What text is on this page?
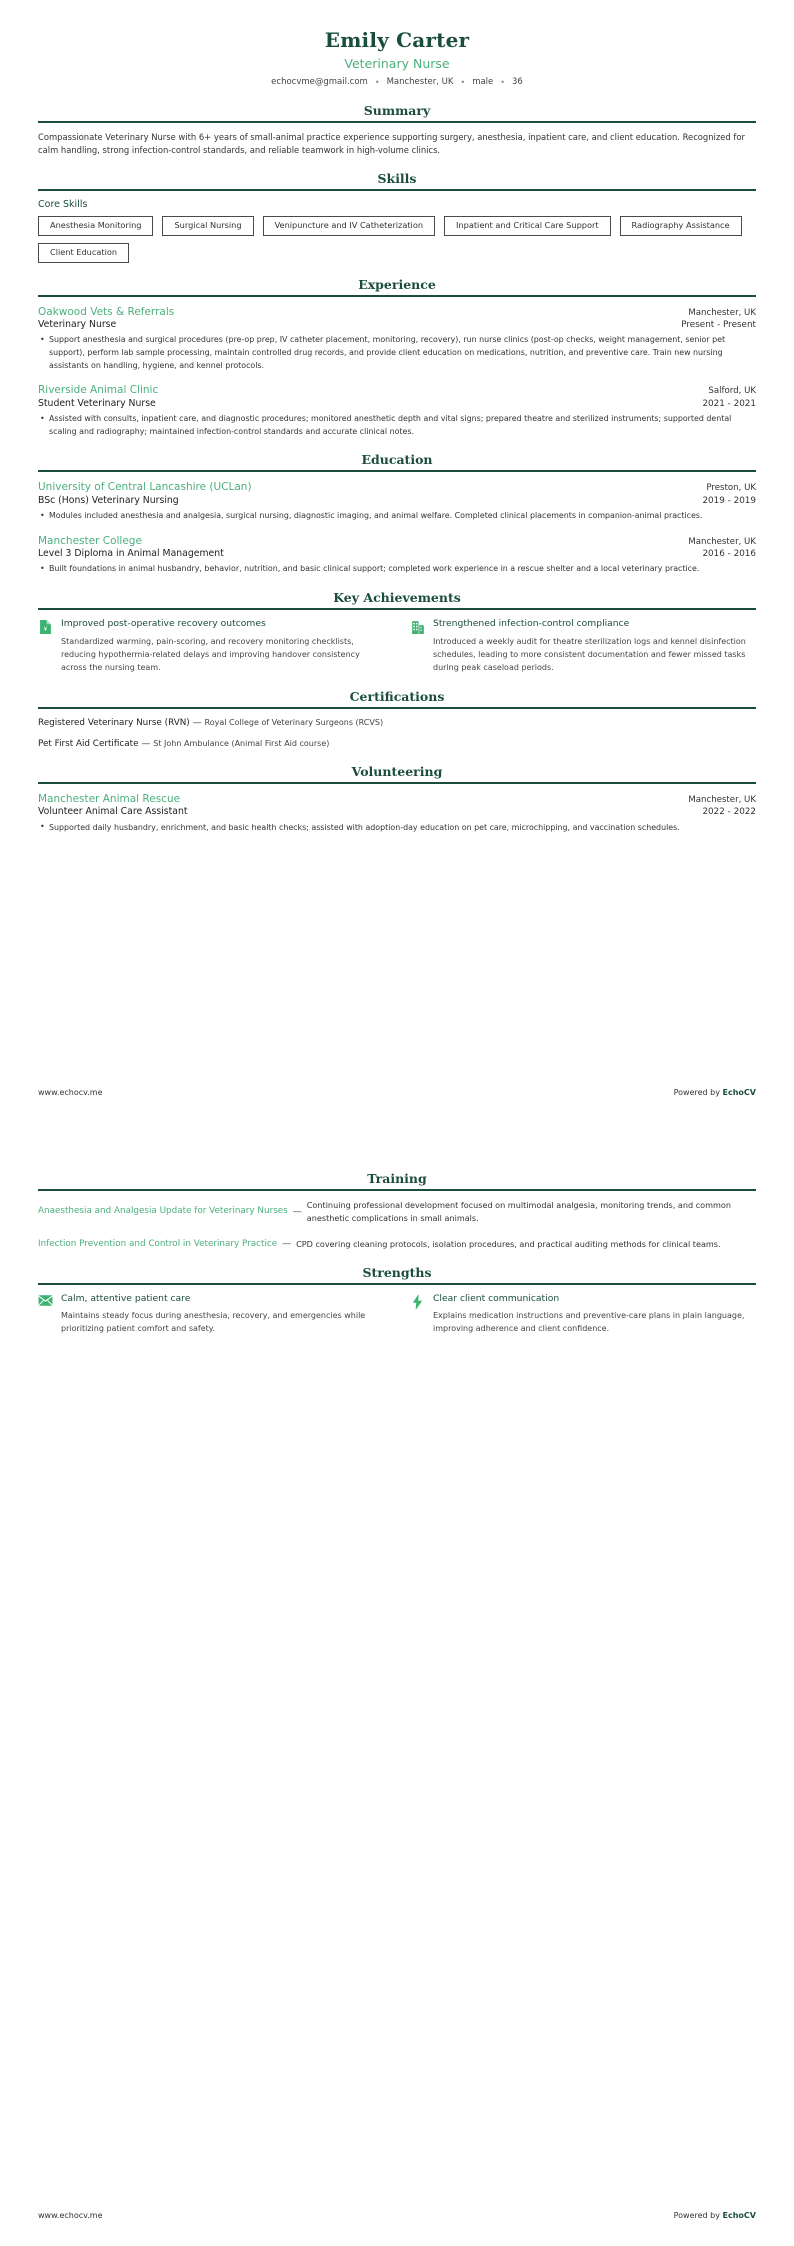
Emily Carter
Veterinary Nurse
echocvme@gmail.com • Manchester, UK • male • 36
Summary
Compassionate Veterinary Nurse with 6+ years of small-animal practice experience supporting surgery, anesthesia, inpatient care, and client education. Recognized for calm handling, strong infection-control standards, and reliable teamwork in high-volume clinics.
Skills
Core Skills
Anesthesia Monitoring	Surgical Nursing	Venipuncture and IV Catheterization	Inpatient and Critical Care Support	Radiography Assistance
Client Education
Experience
Oakwood Vets & Referrals	Manchester, UK
Veterinary Nurse	Present - Present
• Support anesthesia and surgical procedures (pre-op prep, IV catheter placement, monitoring, recovery), run nurse clinics (post-op checks, weight management, senior pet support), perform lab sample processing, maintain controlled drug records, and provide client education on medications, nutrition, and preventive care. Train new nursing assistants on handling, hygiene, and kennel protocols.
Riverside Animal Clinic	Salford, UK
Student Veterinary Nurse	2021 - 2021
• Assisted with consults, inpatient care, and diagnostic procedures; monitored anesthetic depth and vital signs; prepared theatre and sterilized instruments; supported dental scaling and radiography; maintained infection-control standards and accurate clinical notes.
Education
University of Central Lancashire (UCLan)	Preston, UK
BSc (Hons) Veterinary Nursing	2019 - 2019
• Modules included anesthesia and analgesia, surgical nursing, diagnostic imaging, and animal welfare. Completed clinical placements in companion-animal practices.
Manchester College	Manchester, UK
Level 3 Diploma in Animal Management	2016 - 2016
• Built foundations in animal husbandry, behavior, nutrition, and basic clinical support; completed work experience in a rescue shelter and a local veterinary practice.
Key Achievements
¥
Improved post-operative recovery outcomes
Standardized warming, pain-scoring, and recovery monitoring checklists, reducing hypothermia-related delays and improving handover consistency across the nursing team.
Strengthened infection-control compliance
Introduced a weekly audit for theatre sterilization logs and kennel disinfection schedules, leading to more consistent documentation and fewer missed tasks during peak caseload periods.
Certifications
Registered Veterinary Nurse (RVN) — Royal College of Veterinary Surgeons (RCVS)
Pet First Aid Certificate — St John Ambulance (Animal First Aid course)
Volunteering
Manchester Animal Rescue	Manchester, UK
Volunteer Animal Care Assistant	2022 - 2022
• Supported daily husbandry, enrichment, and basic health checks; assisted with adoption-day education on pet care, microchipping, and vaccination schedules.
www.echocv.me	Powered by EchoCV
Training
Anaesthesia and Analgesia Update for Veterinary Nurses —
Continuing professional development focused on multimodal analgesia, monitoring trends, and common anesthetic complications in small animals.
Infection Prevention and Control in Veterinary Practice — CPD covering cleaning protocols, isolation procedures, and practical auditing methods for clinical teams.
Strengths
Calm, attentive patient care
Maintains steady focus during anesthesia, recovery, and emergencies while prioritizing patient comfort and safety.
Clear client communication
Explains medication instructions and preventive-care plans in plain language, improving adherence and client confidence.
www.echocv.me	Powered by EchoCV
